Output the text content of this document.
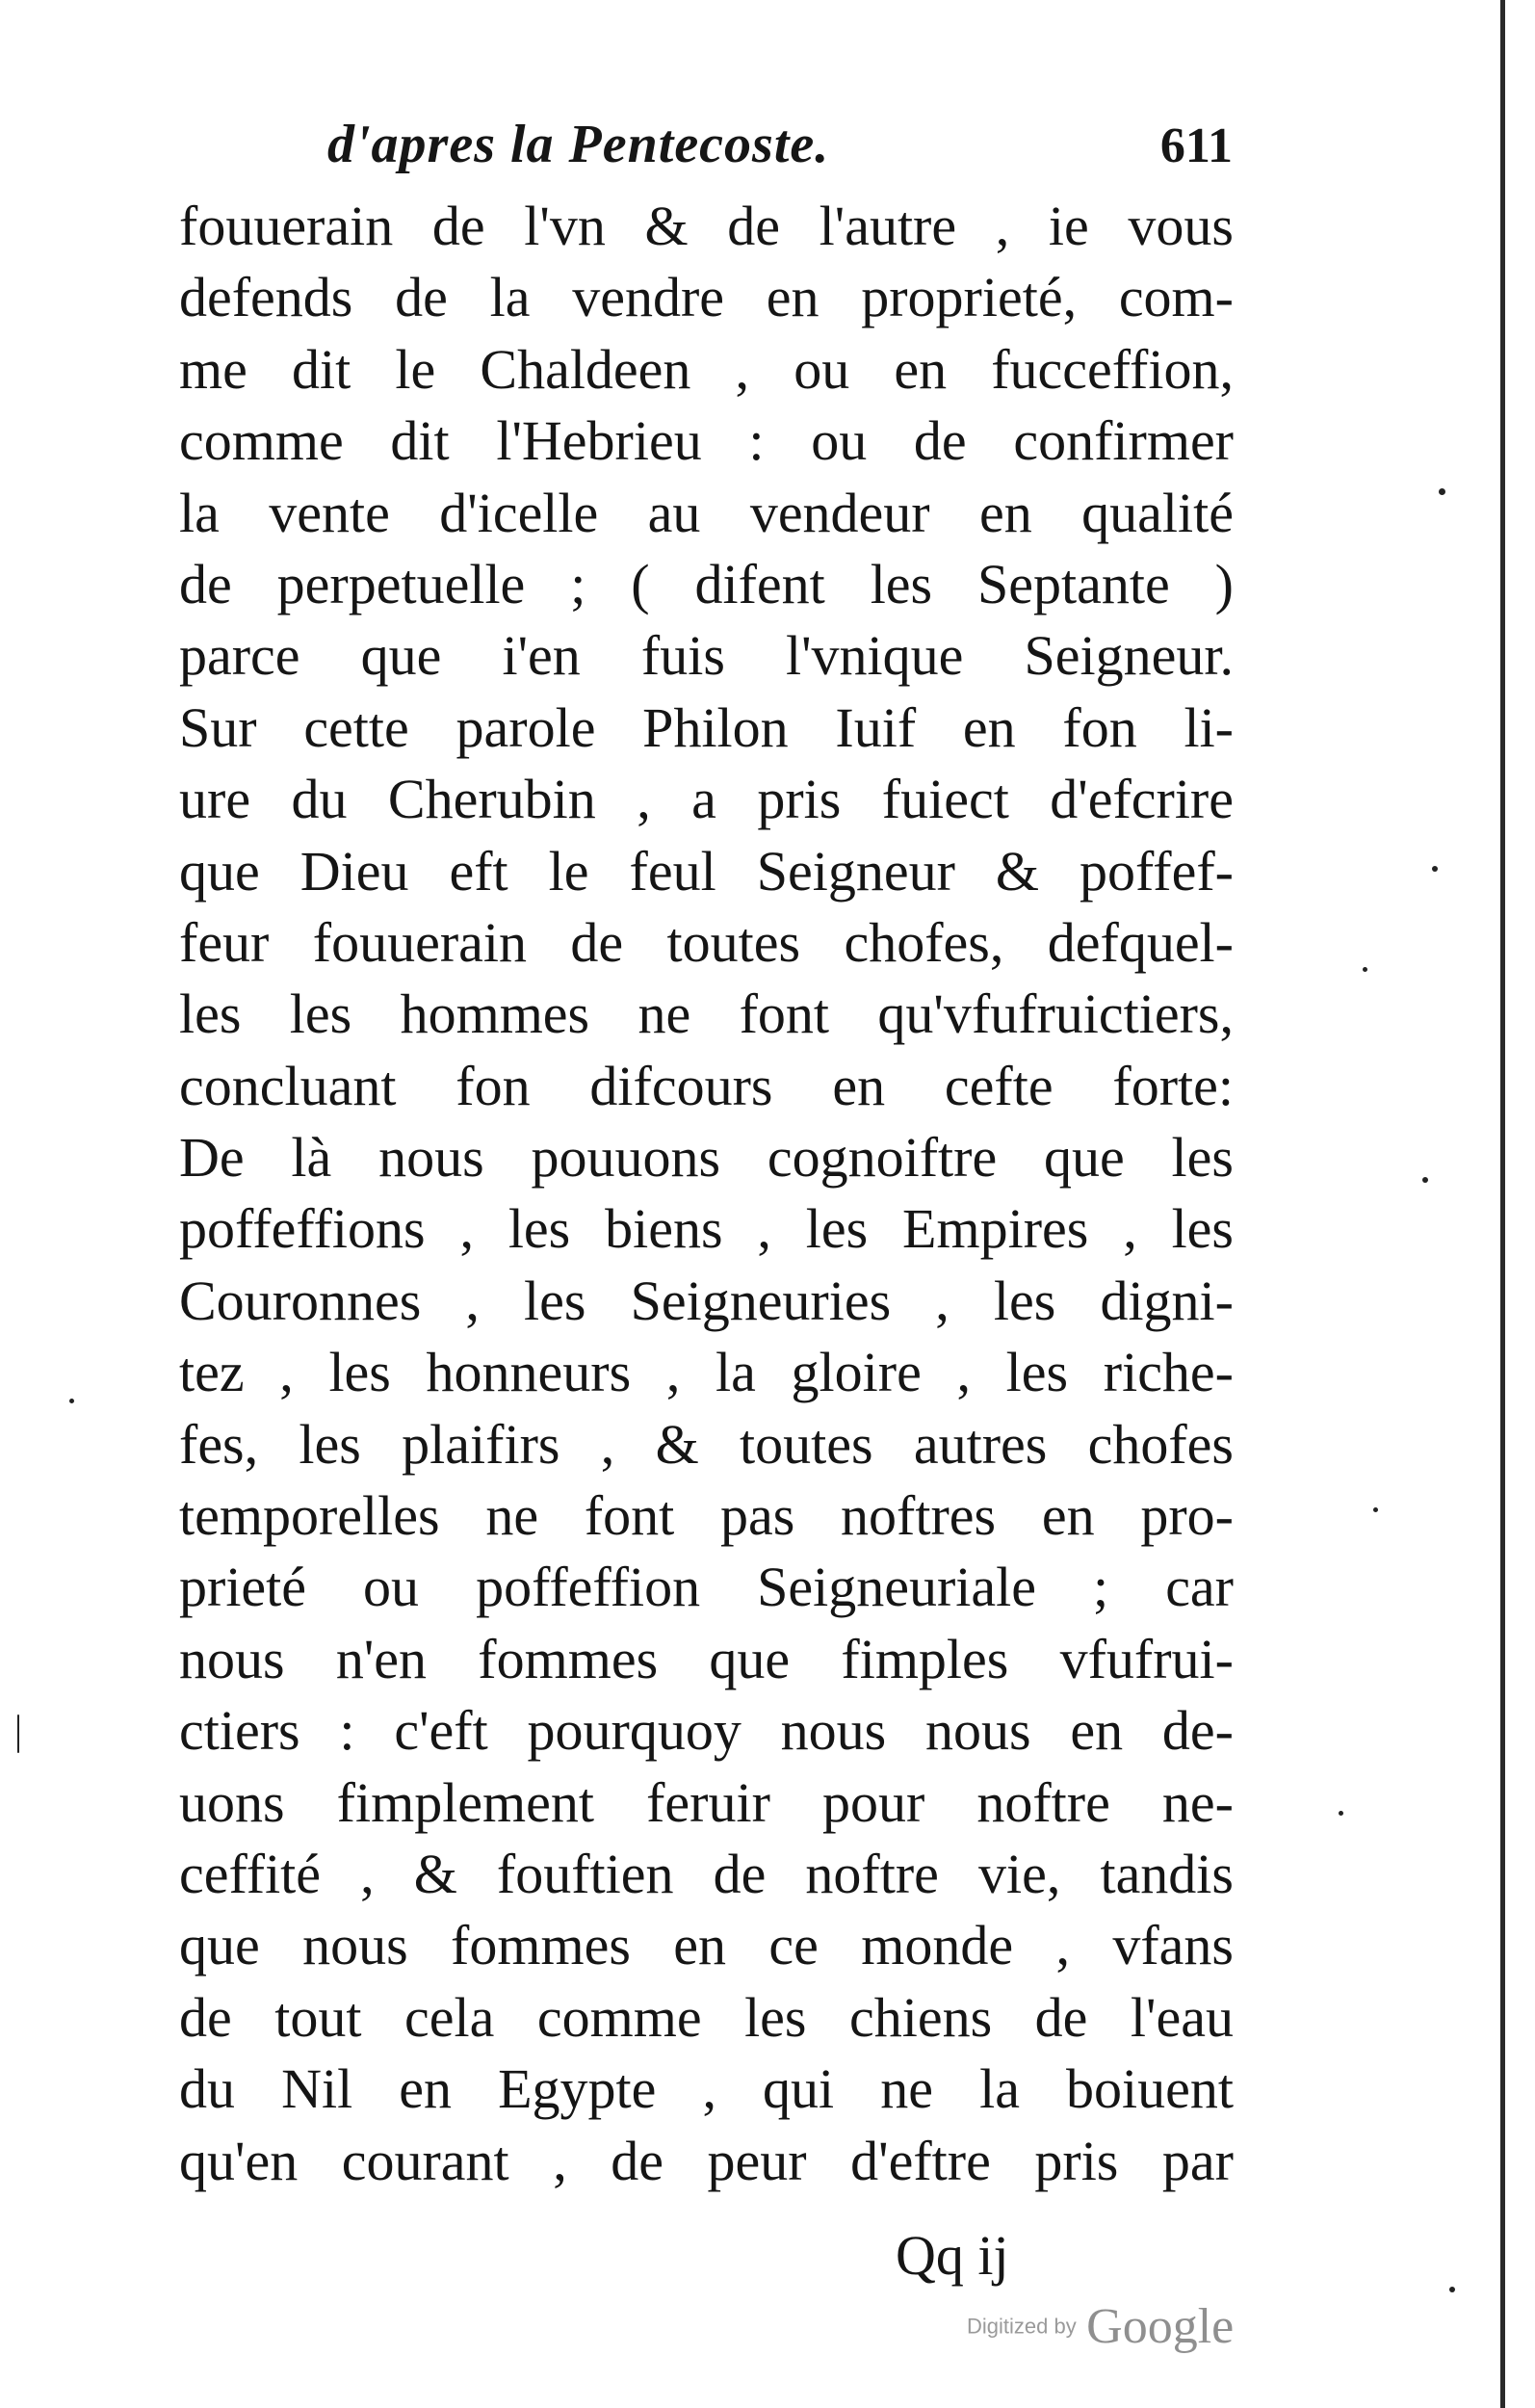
d'apres la Pentecoste.	611
fouuerain de l'vn & de l'autre , ie vous
defends de la vendre en proprieté, com-
me dit le Chaldeen , ou en fucceffion,
comme dit l'Hebrieu : ou de confirmer
la vente d'icelle au vendeur en qualité
de perpetuelle ; ( difent les Septante )
parce que i'en fuis l'vnique Seigneur.
Sur cette parole Philon Iuif en fon li-
ure du Cherubin , a pris fuiect d'efcrire
que Dieu eft le feul Seigneur & poffef-
feur fouuerain de toutes chofes, defquel-
les les hommes ne font qu'vfufruictiers,
concluant fon difcours en cefte forte:
De là nous pouuons cognoiftre que les
poffeffions , les biens , les Empires , les
Couronnes , les Seigneuries , les digni-
tez , les honneurs , la gloire , les riche-
fes, les plaifirs , & toutes autres chofes
temporelles ne font pas noftres en pro-
prieté ou poffeffion Seigneuriale ; car
nous n'en fommes que fimples vfufrui-
ctiers : c'eft pourquoy nous nous en de-
uons fimplement feruir pour noftre ne-
ceffité , & fouftien de noftre vie, tandis
que nous fommes en ce monde , vfans
de tout cela comme les chiens de l'eau
du Nil en Egypte , qui ne la boiuent
qu'en courant , de peur d'eftre pris par
Qq ij
Digitized by Google
